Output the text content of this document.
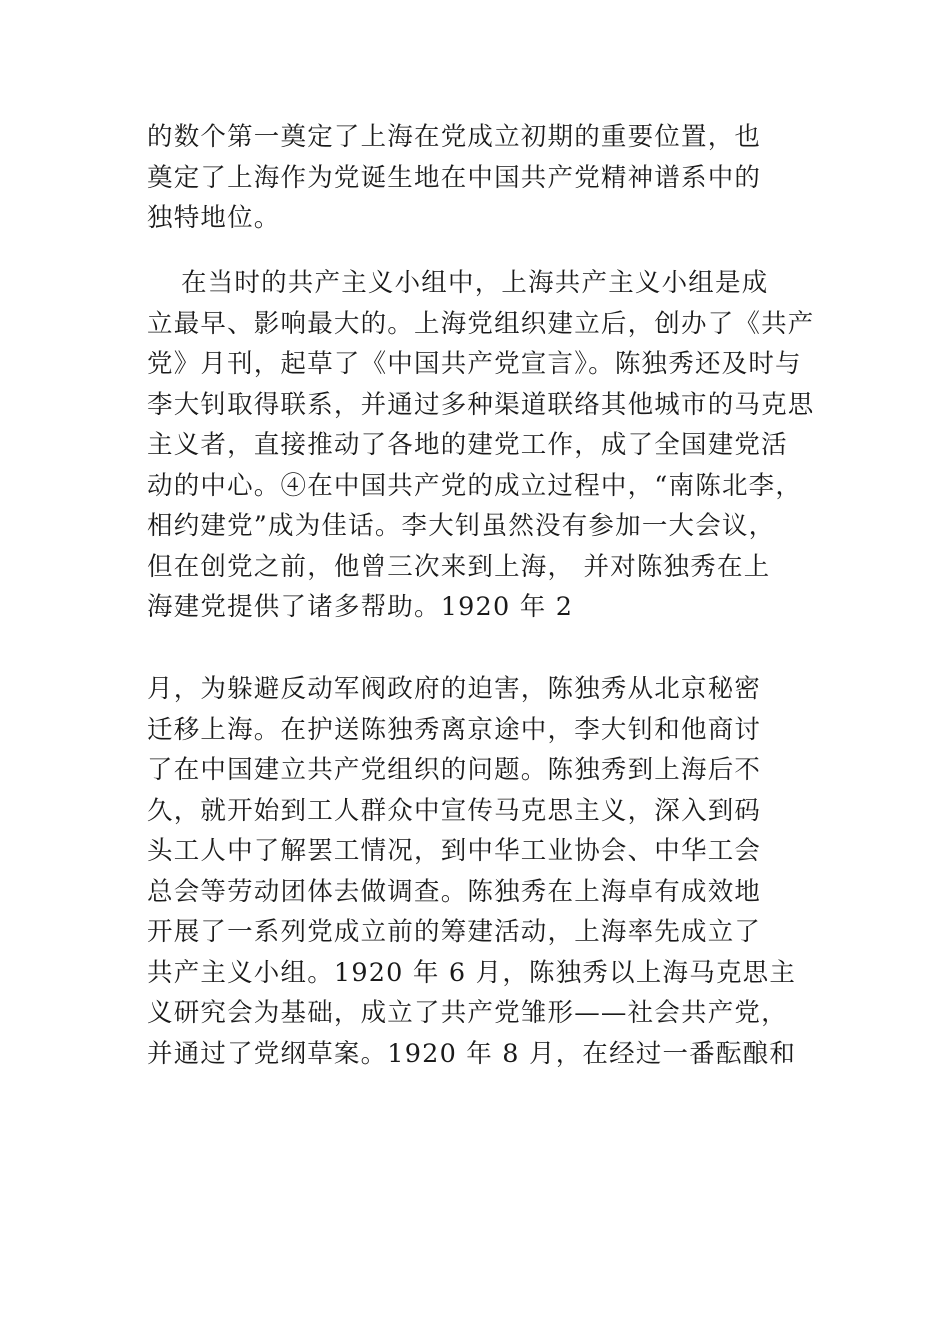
的数个第一奠定了上海在党成立初期的重要位置，也
奠定了上海作为党诞生地在中国共产党精神谱系中的
独特地位。
在当时的共产主义小组中，上海共产主义小组是成
立最早、影响最大的。上海党组织建立后，创办了《共产
党》月刊，起草了《中国共产党宣言》。陈独秀还及时与
李大钊取得联系，并通过多种渠道联络其他城市的马克思
主义者，直接推动了各地的建党工作，成了全国建党活
动的中心。④在中国共产党的成立过程中，“南陈北李，
相约建党”成为佳话。李大钊虽然没有参加一大会议，
但在创党之前，他曾三次来到上海， 并对陈独秀在上
海建党提供了诸多帮助。1920 年 2
月，为躲避反动军阀政府的迫害，陈独秀从北京秘密
迁移上海。在护送陈独秀离京途中，李大钊和他商讨
了在中国建立共产党组织的问题。陈独秀到上海后不
久，就开始到工人群众中宣传马克思主义，深入到码
头工人中了解罢工情况，到中华工业协会、中华工会
总会等劳动团体去做调查。陈独秀在上海卓有成效地
开展了一系列党成立前的筹建活动，上海率先成立了
共产主义小组。1920 年 6 月，陈独秀以上海马克思主
义研究会为基础，成立了共产党雏形——社会共产党，
并通过了党纲草案。1920 年 8 月，在经过一番酝酿和
